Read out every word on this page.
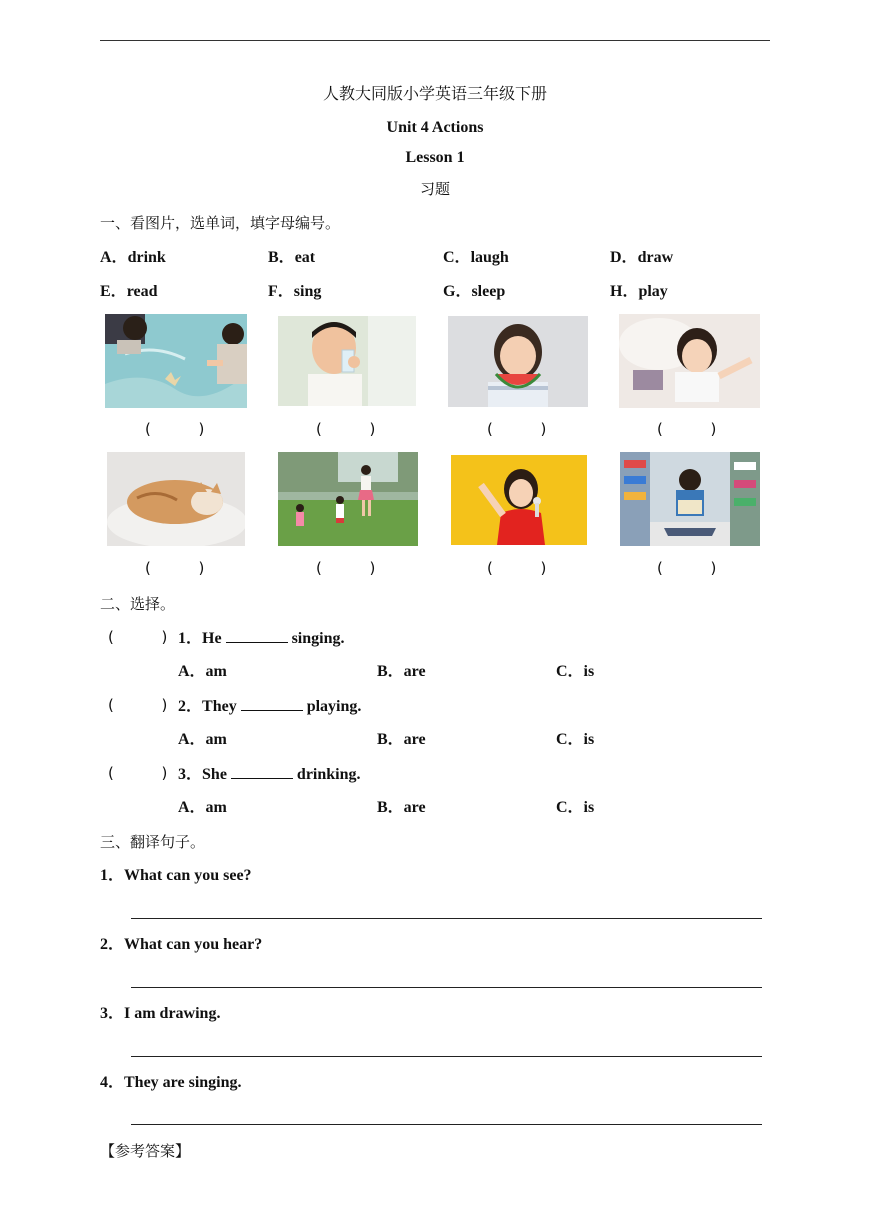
人教大同版小学英语三年级下册
Unit 4 Actions
Lesson 1
习题
一、看图片，选单词，填字母编号。
A．drink	B．eat	C．laugh	D．draw
E．read	F．sing	G．sleep	H．play
(          )	(          )	(          )	(          )
(          )	(          )	(          )	(          )
二、选择。
(          ) 1．He	singing.
A．am	B．are	C．is
(          ) 2．They	playing.
A．am	B．are	C．is
(          ) 3．She	drinking.
A．am	B．are	C．is
三、翻译句子。
1．What can you see?
2．What can you hear?
3．I am drawing.
4．They are singing.
【参考答案】
